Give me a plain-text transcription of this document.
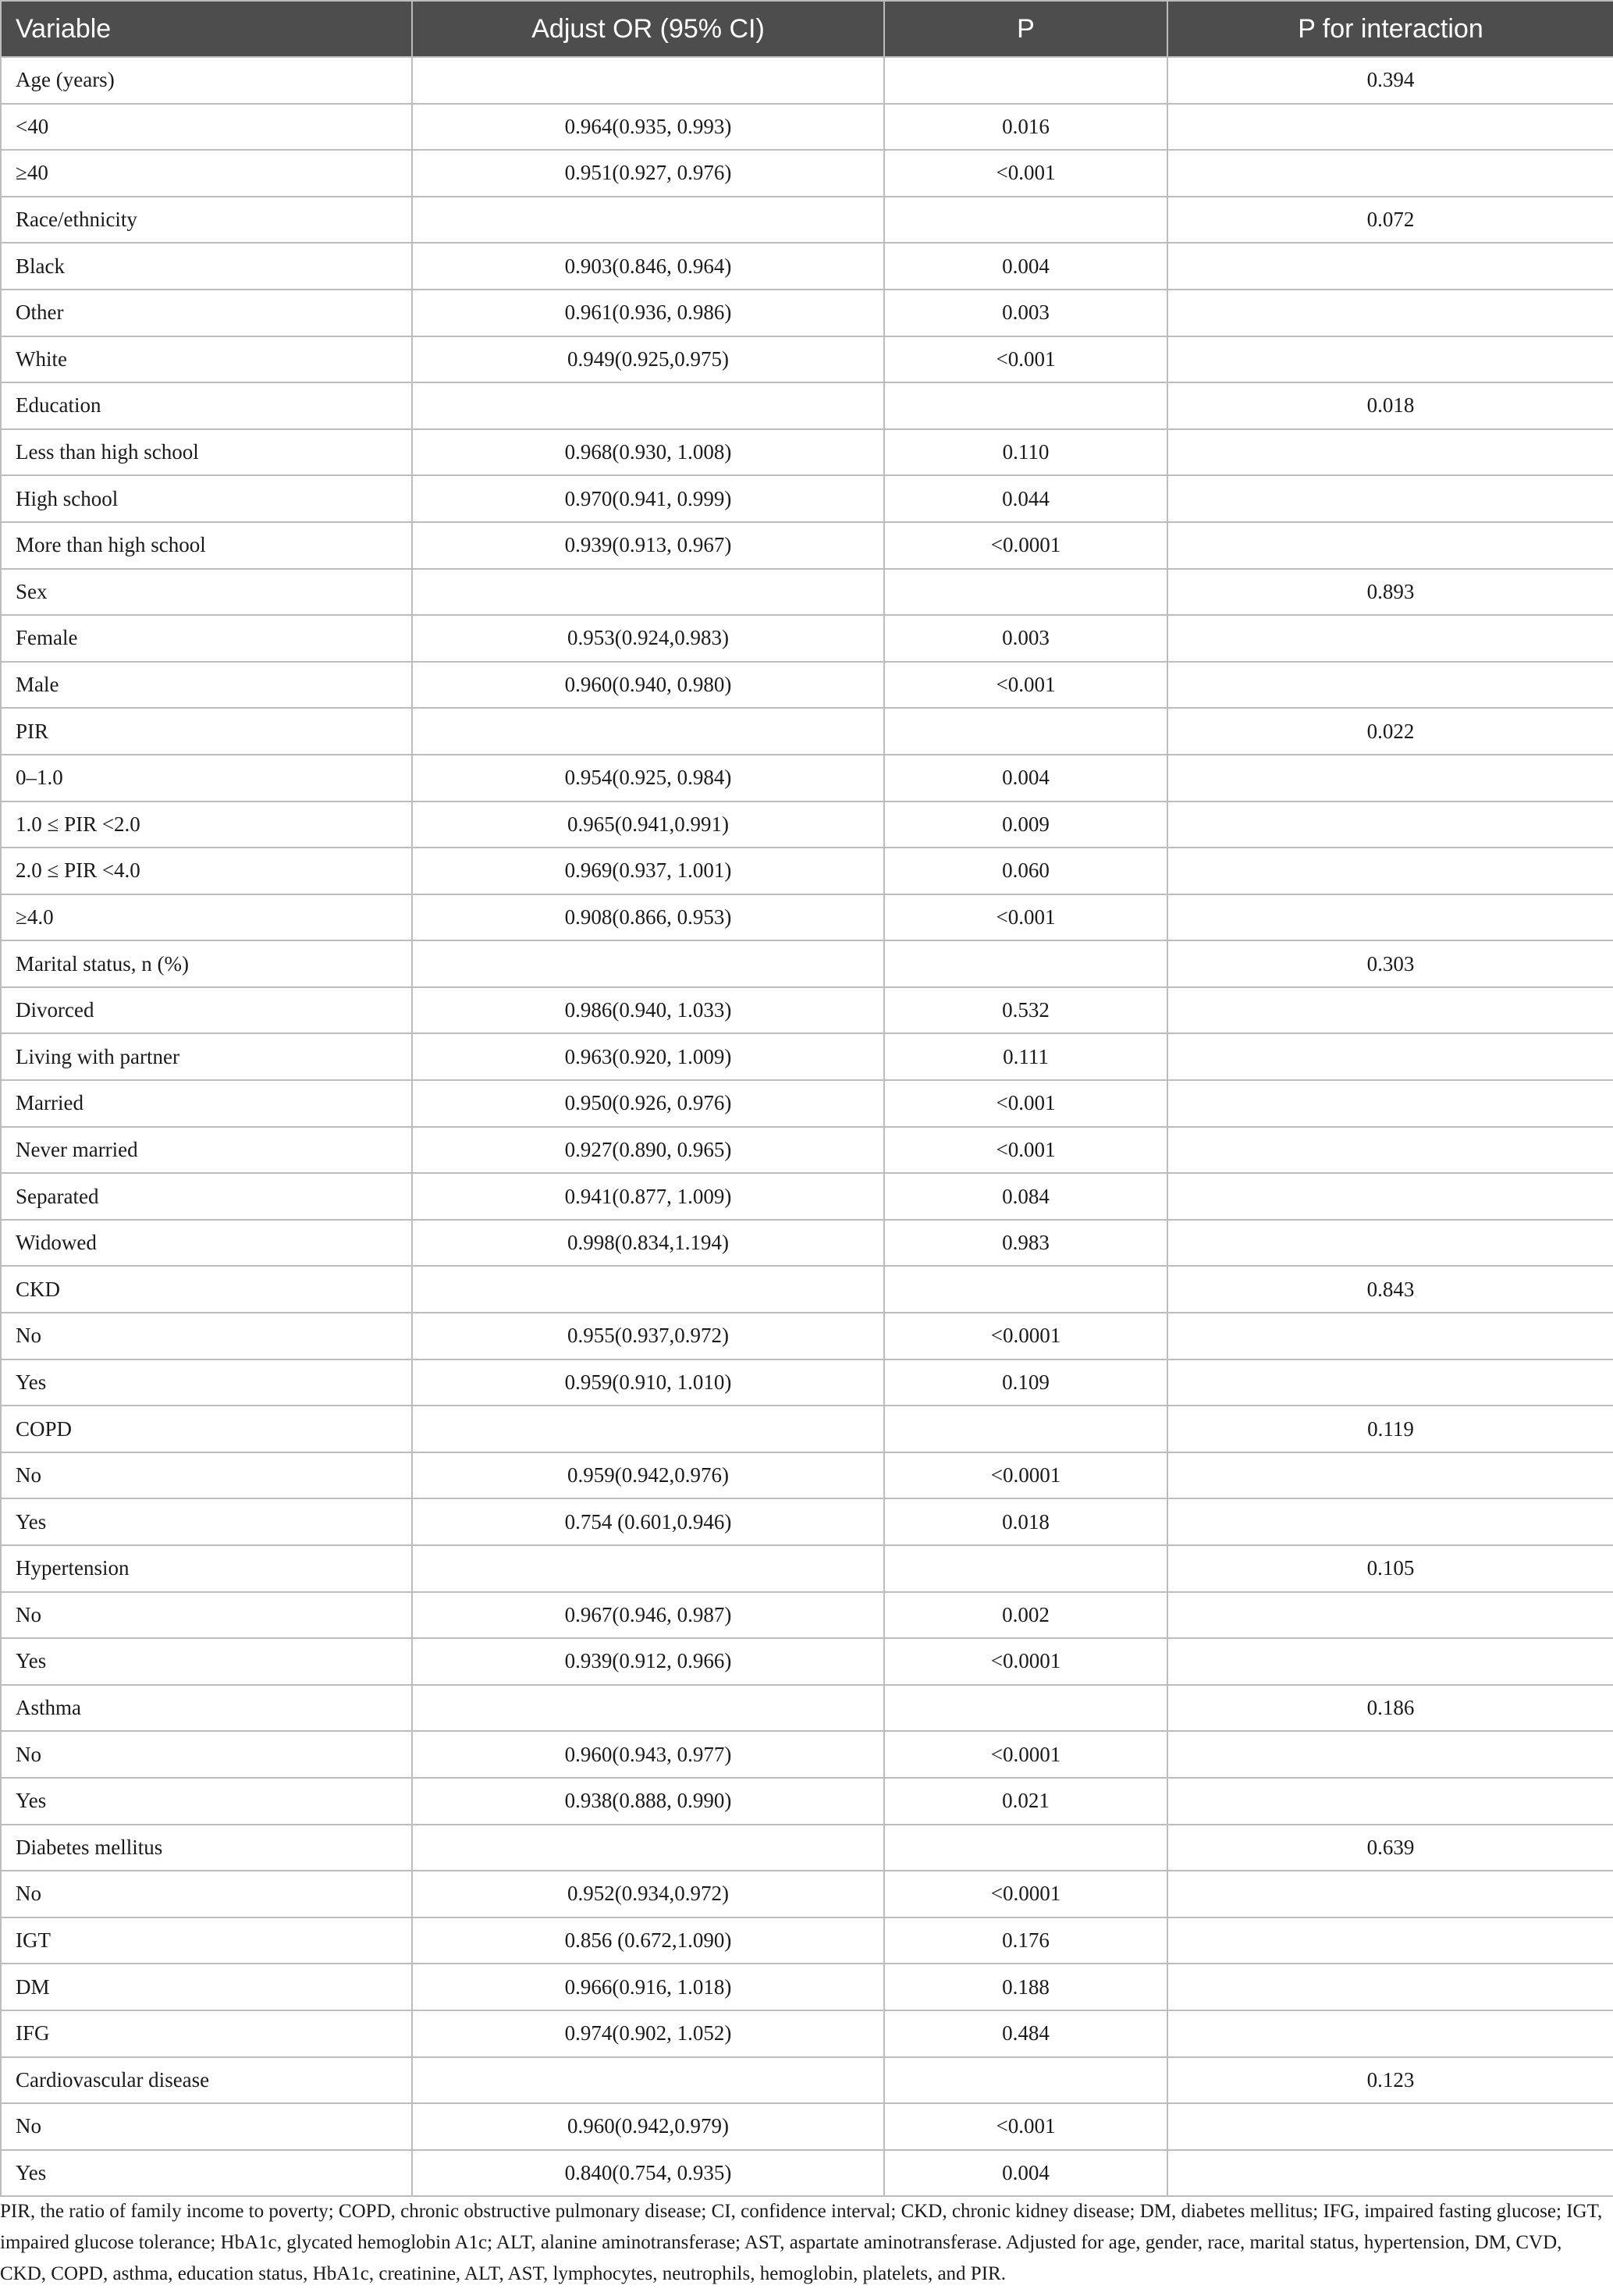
Variable	Adjust OR (95% CI)	P	P for interaction
Age (years)			0.394
<40	0.964(0.935, 0.993)	0.016	
≥40	0.951(0.927, 0.976)	<0.001	
Race/ethnicity			0.072
Black	0.903(0.846, 0.964)	0.004	
Other	0.961(0.936, 0.986)	0.003	
White	0.949(0.925,0.975)	<0.001	
Education			0.018
Less than high school	0.968(0.930, 1.008)	0.110	
High school	0.970(0.941, 0.999)	0.044	
More than high school	0.939(0.913, 0.967)	<0.0001	
Sex			0.893
Female	0.953(0.924,0.983)	0.003	
Male	0.960(0.940, 0.980)	<0.001	
PIR			0.022
0–1.0	0.954(0.925, 0.984)	0.004	
1.0 ≤ PIR <2.0	0.965(0.941,0.991)	0.009	
2.0 ≤ PIR <4.0	0.969(0.937, 1.001)	0.060	
≥4.0	0.908(0.866, 0.953)	<0.001	
Marital status, n (%)			0.303
Divorced	0.986(0.940, 1.033)	0.532	
Living with partner	0.963(0.920, 1.009)	0.111	
Married	0.950(0.926, 0.976)	<0.001	
Never married	0.927(0.890, 0.965)	<0.001	
Separated	0.941(0.877, 1.009)	0.084	
Widowed	0.998(0.834,1.194)	0.983	
CKD			0.843
No	0.955(0.937,0.972)	<0.0001	
Yes	0.959(0.910, 1.010)	0.109	
COPD			0.119
No	0.959(0.942,0.976)	<0.0001	
Yes	0.754 (0.601,0.946)	0.018	
Hypertension			0.105
No	0.967(0.946, 0.987)	0.002	
Yes	0.939(0.912, 0.966)	<0.0001	
Asthma			0.186
No	0.960(0.943, 0.977)	<0.0001	
Yes	0.938(0.888, 0.990)	0.021	
Diabetes mellitus			0.639
No	0.952(0.934,0.972)	<0.0001	
IGT	0.856 (0.672,1.090)	0.176	
DM	0.966(0.916, 1.018)	0.188	
IFG	0.974(0.902, 1.052)	0.484	
Cardiovascular disease			0.123
No	0.960(0.942,0.979)	<0.001	
Yes	0.840(0.754, 0.935)	0.004	

PIR, the ratio of family income to poverty; COPD, chronic obstructive pulmonary disease; CI, confidence interval; CKD, chronic kidney disease; DM, diabetes mellitus; IFG, impaired fasting glucose; IGT, impaired glucose tolerance; HbA1c, glycated hemoglobin A1c; ALT, alanine aminotransferase; AST, aspartate aminotransferase. Adjusted for age, gender, race, marital status, hypertension, DM, CVD, CKD, COPD, asthma, education status, HbA1c, creatinine, ALT, AST, lymphocytes, neutrophils, hemoglobin, platelets, and PIR.
